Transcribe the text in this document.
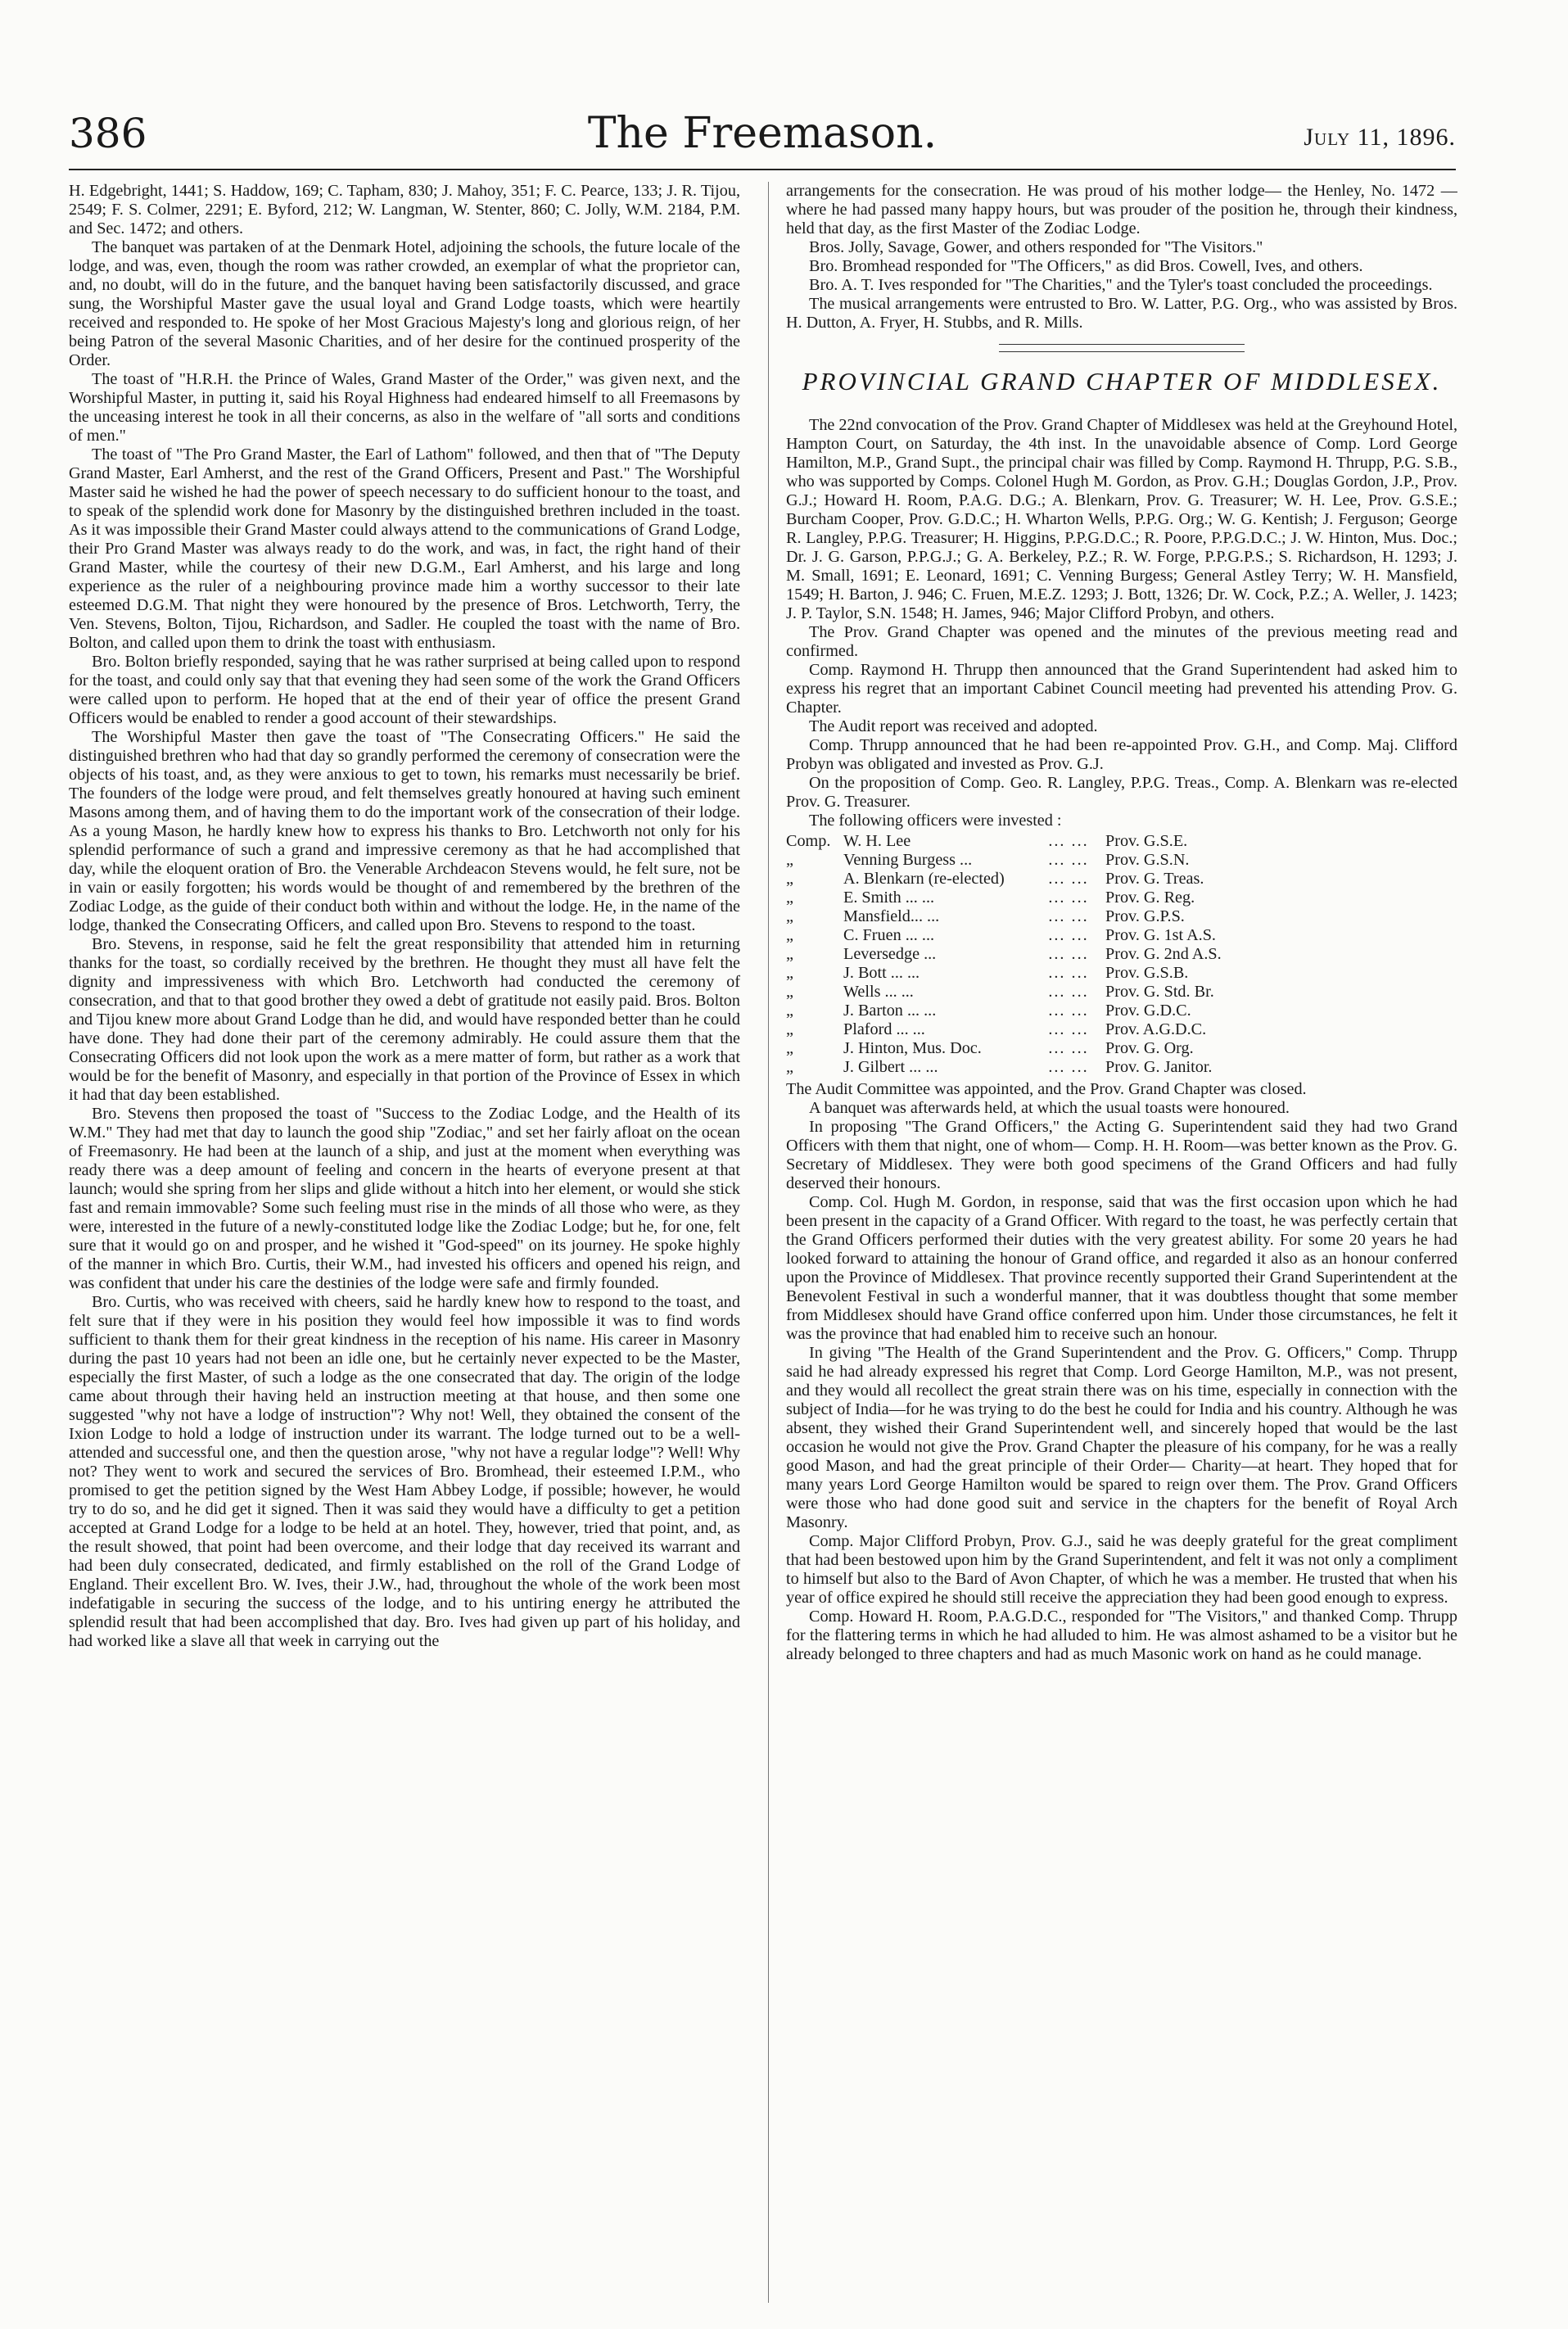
386	The Freemason.	July 11, 1896.

H. Edgebright, 1441; S. Haddow, 169; C. Tapham, 830; J. Mahoy, 351; F. C. Pearce, 133; J. R. Tijou, 2549; F. S. Colmer, 2291; E. Byford, 212; W. Langman, W. Stenter, 860; C. Jolly, W.M. 2184, P.M. and Sec. 1472; and others.

The banquet was partaken of at the Denmark Hotel, adjoining the schools, the future locale of the lodge, and was, even, though the room was rather crowded, an exemplar of what the proprietor can, and, no doubt, will do in the future, and the banquet having been satisfactorily discussed, and grace sung, the Worshipful Master gave the usual loyal and Grand Lodge toasts, which were heartily received and responded to. He spoke of her Most Gracious Majesty's long and glorious reign, of her being Patron of the several Masonic Charities, and of her desire for the continued prosperity of the Order.

The toast of "H.R.H. the Prince of Wales, Grand Master of the Order," was given next, and the Worshipful Master, in putting it, said his Royal Highness had endeared himself to all Freemasons by the unceasing interest he took in all their concerns, as also in the welfare of "all sorts and conditions of men."

The toast of "The Pro Grand Master, the Earl of Lathom" followed, and then that of "The Deputy Grand Master, Earl Amherst, and the rest of the Grand Officers, Present and Past." The Worshipful Master said he wished he had the power of speech necessary to do sufficient honour to the toast, and to speak of the splendid work done for Masonry by the distinguished brethren included in the toast. As it was impossible their Grand Master could always attend to the communications of Grand Lodge, their Pro Grand Master was always ready to do the work, and was, in fact, the right hand of their Grand Master, while the courtesy of their new D.G.M., Earl Amherst, and his large and long experience as the ruler of a neighbouring province made him a worthy successor to their late esteemed D.G.M. That night they were honoured by the presence of Bros. Letchworth, Terry, the Ven. Stevens, Bolton, Tijou, Richardson, and Sadler. He coupled the toast with the name of Bro. Bolton, and called upon them to drink the toast with enthusiasm.

Bro. Bolton briefly responded, saying that he was rather surprised at being called upon to respond for the toast, and could only say that that evening they had seen some of the work the Grand Officers were called upon to perform. He hoped that at the end of their year of office the present Grand Officers would be enabled to render a good account of their stewardships.

The Worshipful Master then gave the toast of "The Consecrating Officers." He said the distinguished brethren who had that day so grandly performed the ceremony of consecration were the objects of his toast, and, as they were anxious to get to town, his remarks must necessarily be brief. The founders of the lodge were proud, and felt themselves greatly honoured at having such eminent Masons among them, and of having them to do the important work of the consecration of their lodge. As a young Mason, he hardly knew how to express his thanks to Bro. Letchworth not only for his splendid performance of such a grand and impressive ceremony as that he had accomplished that day, while the eloquent oration of Bro. the Venerable Archdeacon Stevens would, he felt sure, not be in vain or easily forgotten; his words would be thought of and remembered by the brethren of the Zodiac Lodge, as the guide of their conduct both within and without the lodge. He, in the name of the lodge, thanked the Consecrating Officers, and called upon Bro. Stevens to respond to the toast.

Bro. Stevens, in response, said he felt the great responsibility that attended him in returning thanks for the toast, so cordially received by the brethren. He thought they must all have felt the dignity and impressiveness with which Bro. Letchworth had conducted the ceremony of consecration, and that to that good brother they owed a debt of gratitude not easily paid. Bros. Bolton and Tijou knew more about Grand Lodge than he did, and would have responded better than he could have done. They had done their part of the ceremony admirably. He could assure them that the Consecrating Officers did not look upon the work as a mere matter of form, but rather as a work that would be for the benefit of Masonry, and especially in that portion of the Province of Essex in which it had that day been established.

Bro. Stevens then proposed the toast of "Success to the Zodiac Lodge, and the Health of its W.M." They had met that day to launch the good ship "Zodiac," and set her fairly afloat on the ocean of Freemasonry. He had been at the launch of a ship, and just at the moment when everything was ready there was a deep amount of feeling and concern in the hearts of everyone present at that launch; would she spring from her slips and glide without a hitch into her element, or would she stick fast and remain immovable? Some such feeling must rise in the minds of all those who were, as they were, interested in the future of a newly-constituted lodge like the Zodiac Lodge; but he, for one, felt sure that it would go on and prosper, and he wished it "God-speed" on its journey. He spoke highly of the manner in which Bro. Curtis, their W.M., had invested his officers and opened his reign, and was confident that under his care the destinies of the lodge were safe and firmly founded.

Bro. Curtis, who was received with cheers, said he hardly knew how to respond to the toast, and felt sure that if they were in his position they would feel how impossible it was to find words sufficient to thank them for their great kindness in the reception of his name. His career in Masonry during the past 10 years had not been an idle one, but he certainly never expected to be the Master, especially the first Master, of such a lodge as the one consecrated that day. The origin of the lodge came about through their having held an instruction meeting at that house, and then some one suggested "why not have a lodge of instruction"? Why not! Well, they obtained the consent of the Ixion Lodge to hold a lodge of instruction under its warrant. The lodge turned out to be a well-attended and successful one, and then the question arose, "why not have a regular lodge"? Well! Why not? They went to work and secured the services of Bro. Bromhead, their esteemed I.P.M., who promised to get the petition signed by the West Ham Abbey Lodge, if possible; however, he would try to do so, and he did get it signed. Then it was said they would have a difficulty to get a petition accepted at Grand Lodge for a lodge to be held at an hotel. They, however, tried that point, and, as the result showed, that point had been overcome, and their lodge that day received its warrant and had been duly consecrated, dedicated, and firmly established on the roll of the Grand Lodge of England. Their excellent Bro. W. Ives, their J.W., had, throughout the whole of the work been most indefatigable in securing the success of the lodge, and to his untiring energy he attributed the splendid result that had been accomplished that day. Bro. Ives had given up part of his holiday, and had worked like a slave all that week in carrying out the

arrangements for the consecration. He was proud of his mother lodge— the Henley, No. 1472 —where he had passed many happy hours, but was prouder of the position he, through their kindness, held that day, as the first Master of the Zodiac Lodge.

Bros. Jolly, Savage, Gower, and others responded for "The Visitors."

Bro. Bromhead responded for "The Officers," as did Bros. Cowell, Ives, and others.

Bro. A. T. Ives responded for "The Charities," and the Tyler's toast concluded the proceedings.

The musical arrangements were entrusted to Bro. W. Latter, P.G. Org., who was assisted by Bros. H. Dutton, A. Fryer, H. Stubbs, and R. Mills.

PROVINCIAL GRAND CHAPTER OF MIDDLESEX.

The 22nd convocation of the Prov. Grand Chapter of Middlesex was held at the Greyhound Hotel, Hampton Court, on Saturday, the 4th inst. In the unavoidable absence of Comp. Lord George Hamilton, M.P., Grand Supt., the principal chair was filled by Comp. Raymond H. Thrupp, P.G. S.B., who was supported by Comps. Colonel Hugh M. Gordon, as Prov. G.H.; Douglas Gordon, J.P., Prov. G.J.; Howard H. Room, P.A.G. D.G.; A. Blenkarn, Prov. G. Treasurer; W. H. Lee, Prov. G.S.E.; Burcham Cooper, Prov. G.D.C.; H. Wharton Wells, P.P.G. Org.; W. G. Kentish; J. Ferguson; George R. Langley, P.P.G. Treasurer; H. Higgins, P.P.G.D.C.; R. Poore, P.P.G.D.C.; J. W. Hinton, Mus. Doc.; Dr. J. G. Garson, P.P.G.J.; G. A. Berkeley, P.Z.; R. W. Forge, P.P.G.P.S.; S. Richardson, H. 1293; J. M. Small, 1691; E. Leonard, 1691; C. Venning Burgess; General Astley Terry; W. H. Mansfield, 1549; H. Barton, J. 946; C. Fruen, M.E.Z. 1293; J. Bott, 1326; Dr. W. Cock, P.Z.; A. Weller, J. 1423; J. P. Taylor, S.N. 1548; H. James, 946; Major Clifford Probyn, and others.

The Prov. Grand Chapter was opened and the minutes of the previous meeting read and confirmed.

Comp. Raymond H. Thrupp then announced that the Grand Superintendent had asked him to express his regret that an important Cabinet Council meeting had prevented his attending Prov. G. Chapter.

The Audit report was received and adopted.

Comp. Thrupp announced that he had been re-appointed Prov. G.H., and Comp. Maj. Clifford Probyn was obligated and invested as Prov. G.J.

On the proposition of Comp. Geo. R. Langley, P.P.G. Treas., Comp. A. Blenkarn was re-elected Prov. G. Treasurer.

The following officers were invested :

Comp.	W. H. Lee	... ...	Prov. G.S.E.
„	Venning Burgess ...	... ...	Prov. G.S.N.
„	A. Blenkarn (re-elected)	... ...	Prov. G. Treas.
„	E. Smith ... ...	... ...	Prov. G. Reg.
„	Mansfield... ...	... ...	Prov. G.P.S.
„	C. Fruen ... ...	... ...	Prov. G. 1st A.S.
„	Leversedge ...	... ...	Prov. G. 2nd A.S.
„	J. Bott ... ...	... ...	Prov. G.S.B.
„	Wells ... ...	... ...	Prov. G. Std. Br.
„	J. Barton ... ...	... ...	Prov. G.D.C.
„	Plaford ... ...	... ...	Prov. A.G.D.C.
„	J. Hinton, Mus. Doc.	... ...	Prov. G. Org.
„	J. Gilbert ... ...	... ...	Prov. G. Janitor.

The Audit Committee was appointed, and the Prov. Grand Chapter was closed.

A banquet was afterwards held, at which the usual toasts were honoured.

In proposing "The Grand Officers," the Acting G. Superintendent said they had two Grand Officers with them that night, one of whom— Comp. H. H. Room—was better known as the Prov. G. Secretary of Middlesex. They were both good specimens of the Grand Officers and had fully deserved their honours.

Comp. Col. Hugh M. Gordon, in response, said that was the first occasion upon which he had been present in the capacity of a Grand Officer. With regard to the toast, he was perfectly certain that the Grand Officers performed their duties with the very greatest ability. For some 20 years he had looked forward to attaining the honour of Grand office, and regarded it also as an honour conferred upon the Province of Middlesex. That province recently supported their Grand Superintendent at the Benevolent Festival in such a wonderful manner, that it was doubtless thought that some member from Middlesex should have Grand office conferred upon him. Under those circumstances, he felt it was the province that had enabled him to receive such an honour.

In giving "The Health of the Grand Superintendent and the Prov. G. Officers," Comp. Thrupp said he had already expressed his regret that Comp. Lord George Hamilton, M.P., was not present, and they would all recollect the great strain there was on his time, especially in connection with the subject of India—for he was trying to do the best he could for India and his country. Although he was absent, they wished their Grand Superintendent well, and sincerely hoped that would be the last occasion he would not give the Prov. Grand Chapter the pleasure of his company, for he was a really good Mason, and had the great principle of their Order— Charity—at heart. They hoped that for many years Lord George Hamilton would be spared to reign over them. The Prov. Grand Officers were those who had done good suit and service in the chapters for the benefit of Royal Arch Masonry.

Comp. Major Clifford Probyn, Prov. G.J., said he was deeply grateful for the great compliment that had been bestowed upon him by the Grand Superintendent, and felt it was not only a compliment to himself but also to the Bard of Avon Chapter, of which he was a member. He trusted that when his year of office expired he should still receive the appreciation they had been good enough to express.

Comp. Howard H. Room, P.A.G.D.C., responded for "The Visitors," and thanked Comp. Thrupp for the flattering terms in which he had alluded to him. He was almost ashamed to be a visitor but he already belonged to three chapters and had as much Masonic work on hand as he could manage.
